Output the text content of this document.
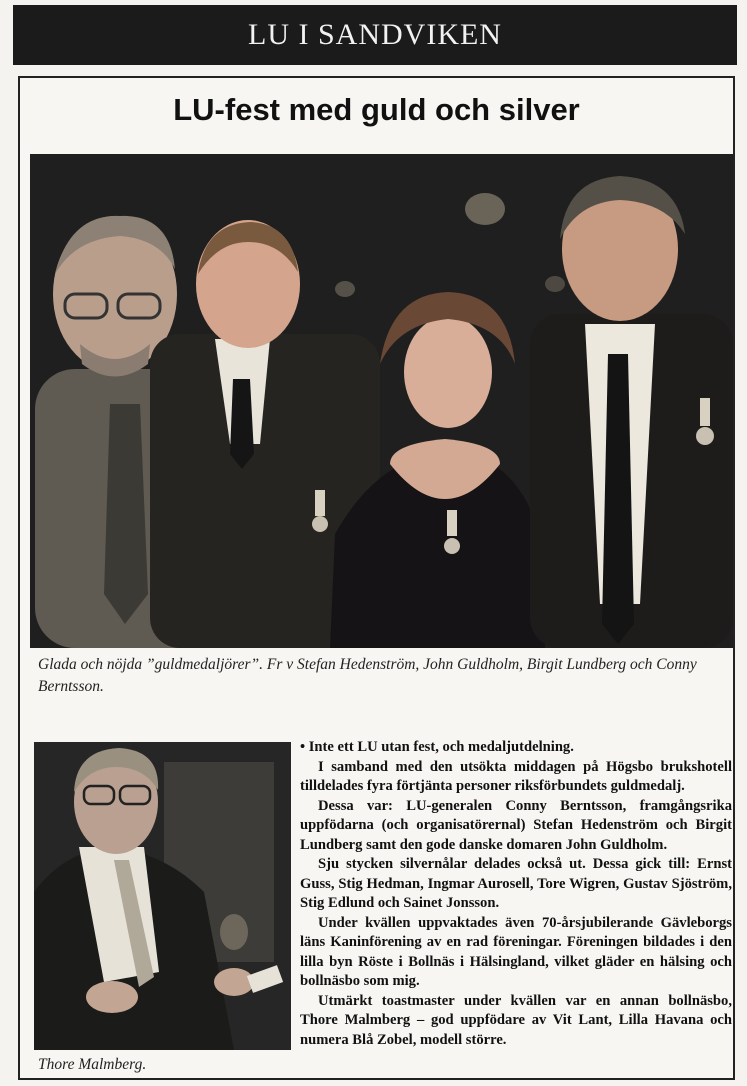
LU I SANDVIKEN
LU-fest med guld och silver
Glada och nöjda ”guldmedaljörer”. Fr v Stefan Hedenström, John Guldholm, Birgit Lundberg och Conny Berntsson.
Thore Malmberg.

• Inte ett LU utan fest, och medaljutdelning.

I samband med den utsökta middagen på Högsbo brukshotell tilldelades fyra förtjänta personer riksförbundets guldmedalj.

Dessa var: LU-generalen Conny Berntsson, framgångsrika uppfödarna (och organisatörernal) Stefan Hedenström och Birgit Lundberg samt den gode danske domaren John Guldholm.

Sju stycken silvernålar delades också ut. Dessa gick till: Ernst Guss, Stig Hedman, Ingmar Aurosell, Tore Wigren, Gustav Sjöström, Stig Edlund och Sainet Jonsson.

Under kvällen uppvaktades även 70-årsjubilerande Gävleborgs läns Kaninförening av en rad föreningar. Föreningen bildades i den lilla byn Röste i Bollnäs i Hälsingland, vilket gläder en hälsing och bollnäsbo som mig.

Utmärkt toastmaster under kvällen var en annan bollnäsbo, Thore Malmberg – god uppfödare av Vit Lant, Lilla Havana och numera Blå Zobel, modell större.
